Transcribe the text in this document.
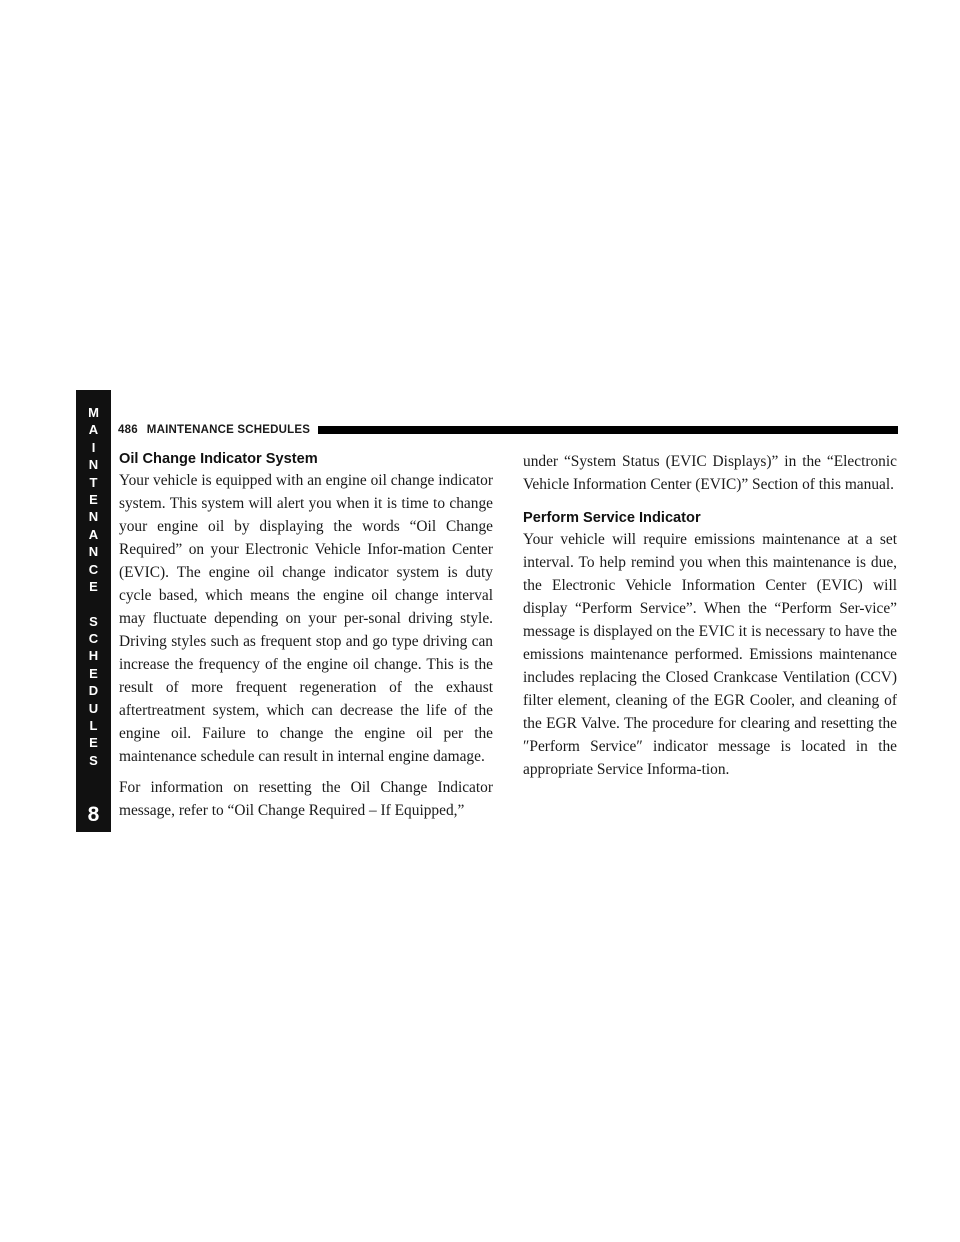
M
A
I
N
T
E
N
A
N
C
E
S
C
H
E
D
U
L
E
S
8
486 MAINTENANCE SCHEDULES
Oil Change Indicator System

Your vehicle is equipped with an engine oil change indicator system. This system will alert you when it is time to change your engine oil by displaying the words “Oil Change Required” on your Electronic Vehicle Infor-mation Center (EVIC). The engine oil change indicator system is duty cycle based, which means the engine oil change interval may fluctuate depending on your per-sonal driving style. Driving styles such as frequent stop and go type driving can increase the frequency of the engine oil change. This is the result of more frequent regeneration of the exhaust aftertreatment system, which can decrease the life of the engine oil. Failure to change the engine oil per the maintenance schedule can result in internal engine damage.

For information on resetting the Oil Change Indicator message, refer to “Oil Change Required – If Equipped,”

under “System Status (EVIC Displays)” in the “Electronic Vehicle Information Center (EVIC)” Section of this manual.

Perform Service Indicator

Your vehicle will require emissions maintenance at a set interval. To help remind you when this maintenance is due, the Electronic Vehicle Information Center (EVIC) will display “Perform Service”. When the “Perform Ser-vice” message is displayed on the EVIC it is necessary to have the emissions maintenance performed. Emissions maintenance includes replacing the Closed Crankcase Ventilation (CCV) filter element, cleaning of the EGR Cooler, and cleaning of the EGR Valve. The procedure for clearing and resetting the ″Perform Service″ indicator message is located in the appropriate Service Informa-tion.
